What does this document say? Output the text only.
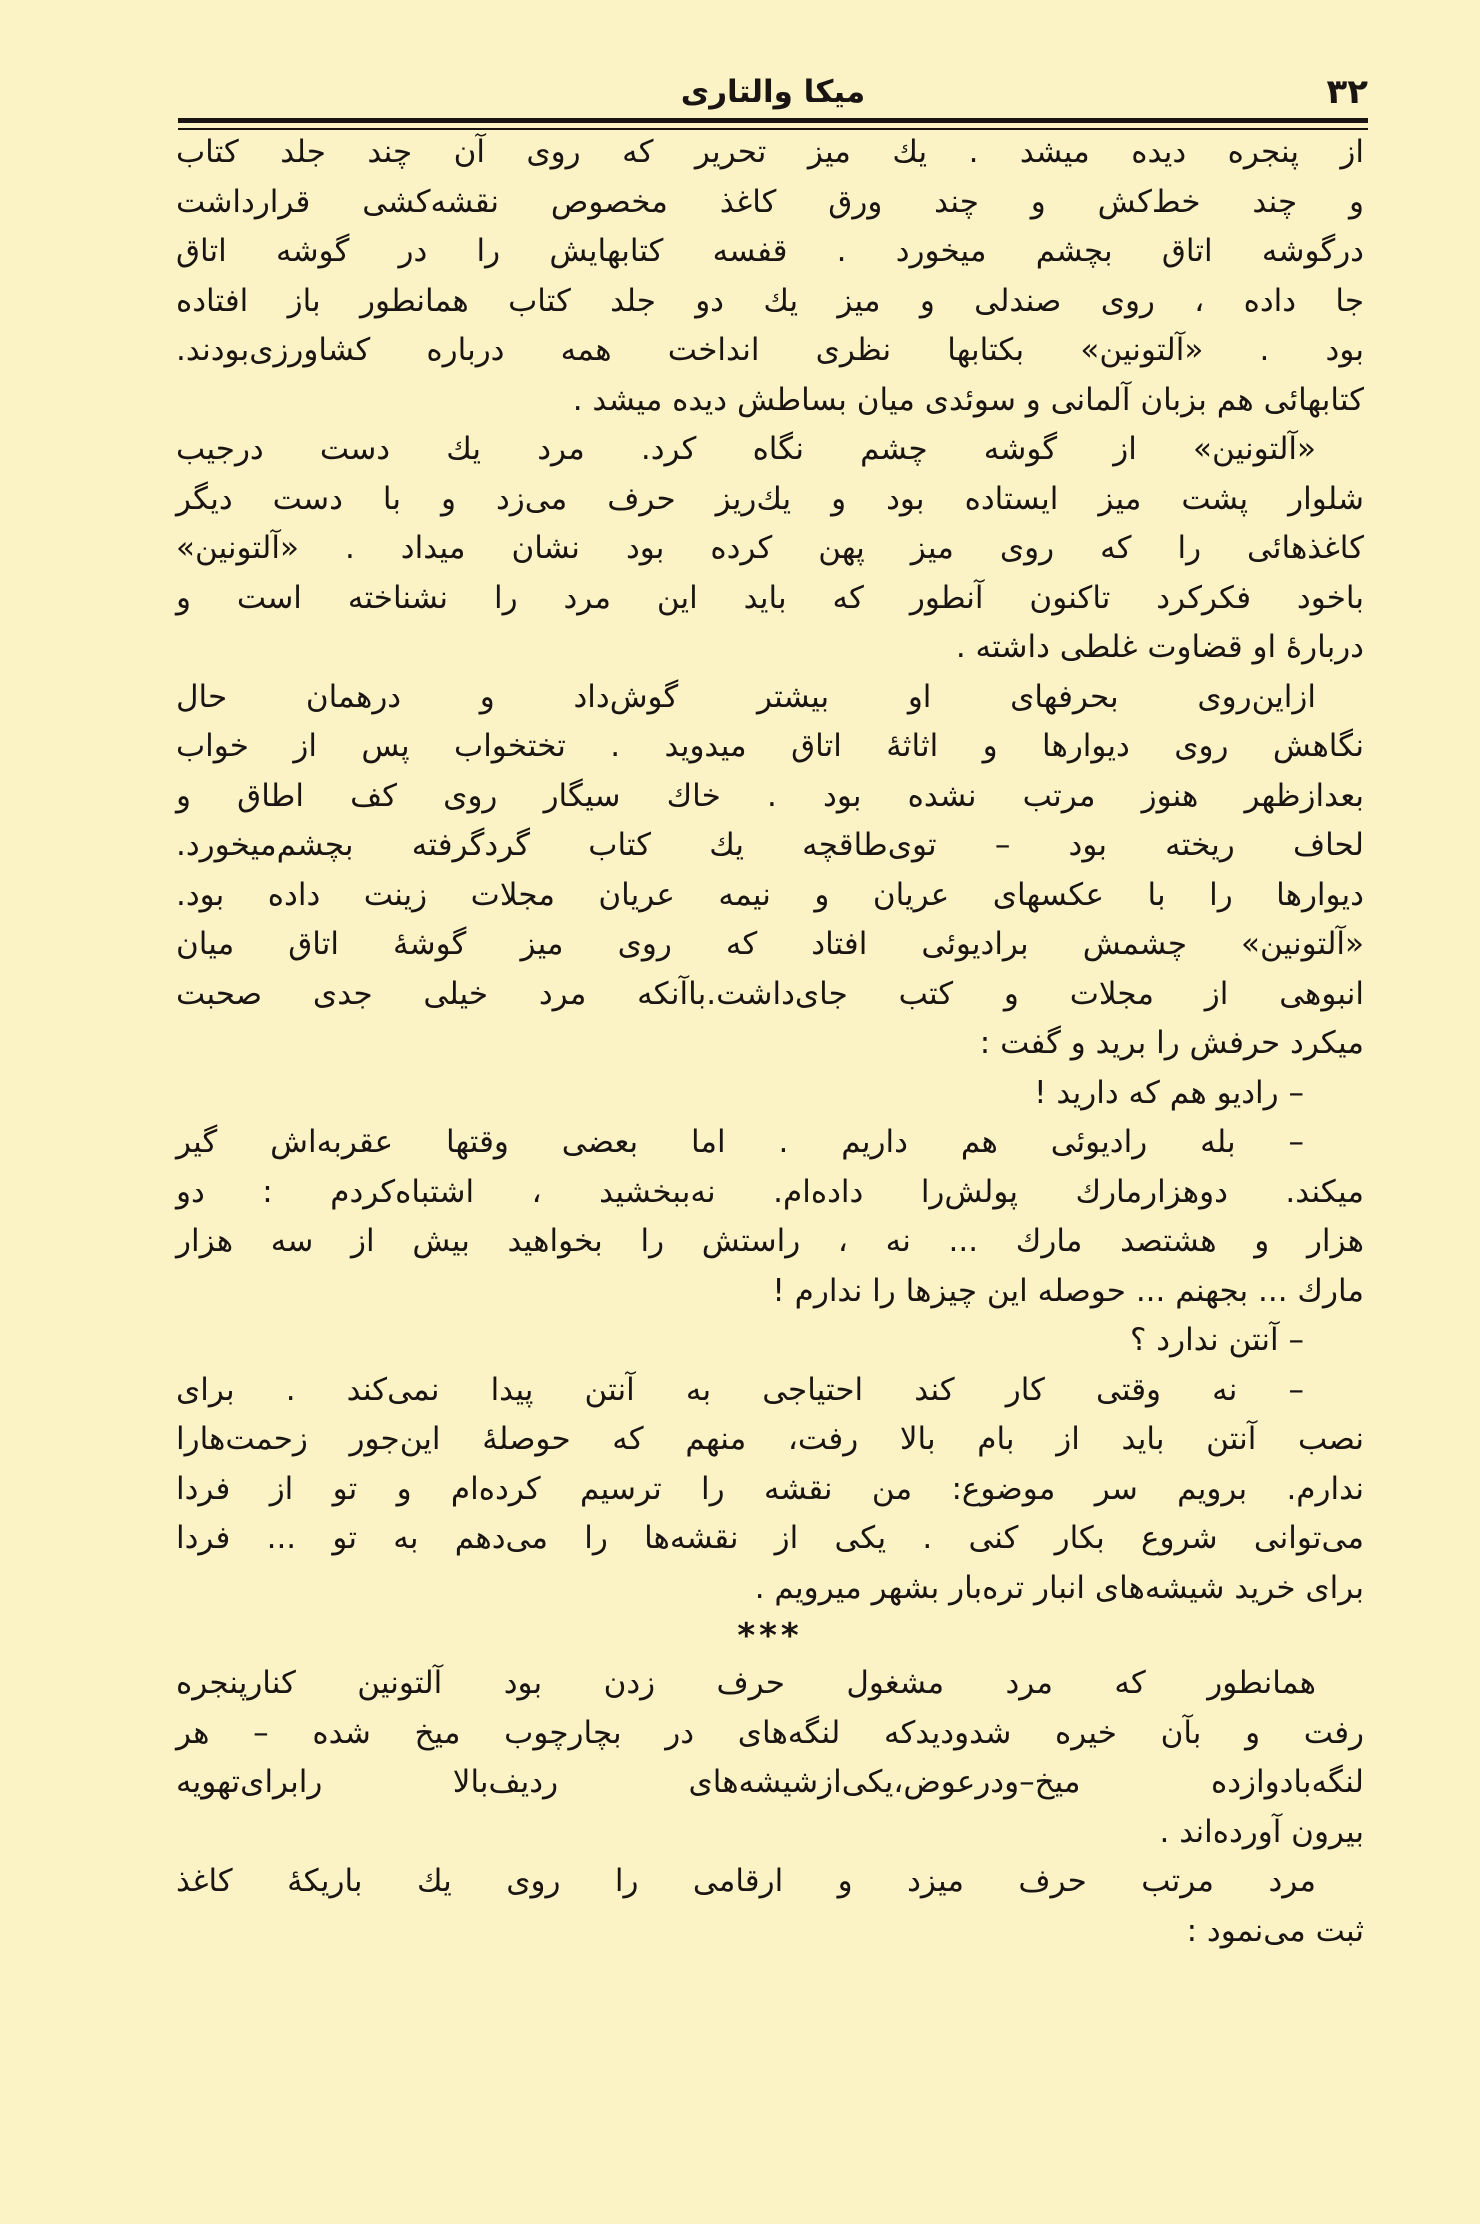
۳۲
میکا والتاری

از پنجره دیده میشد . یك میز تحریر که روی آن چند جلد کتاب
و چند خط‌کش و چند ورق کاغذ مخصوص نقشه‌کشی قرارداشت
درگوشه اتاق بچشم میخورد . قفسه کتابهایش را در گوشه اتاق
جا داده ، روی صندلی و میز یك دو جلد کتاب همانطور باز افتاده
بود . «آلتونین» بکتابها نظری انداخت همه درباره کشاورزی‌بودند.
کتابهائی هم بزبان آلمانی و سوئدی میان بساطش دیده میشد .

«آلتونین» از گوشه چشم نگاه کرد. مرد یك دست درجیب
شلوار پشت میز ایستاده بود و یك‌ریز حرف می‌زد و با دست دیگر
کاغذهائی را که روی میز پهن کرده بود نشان میداد . «آلتونین»
باخود فکرکرد تاکنون آنطور که باید این مرد را نشناخته است و
دربارهٔ او قضاوت غلطی داشته .

ازاین‌روی بحرفهای او بیشتر گوش‌داد و درهمان حال
نگاهش روی دیوارها و اثاثهٔ اتاق میدوید . تختخواب پس از خواب
بعدازظهر هنوز مرتب نشده بود . خاك سیگار روی کف اطاق و
لحاف ریخته بود – توی‌طاقچه یك کتاب گردگرفته بچشم‌میخورد.
دیوارها را با عکسهای عریان و نیمه عریان مجلات زینت داده بود.
«آلتونین» چشمش برادیوئی افتاد که روی میز گوشهٔ اتاق میان
انبوهی از مجلات و کتب جای‌داشت.باآنکه مرد خیلی جدی صحبت
میکرد حرفش را برید و گفت :

– رادیو هم که دارید !

– بله رادیوئی هم داریم . اما بعضی وقتها عقربه‌اش گیر
میکند. دوهزارمارك پولش‌را داده‌ام. نه‌ببخشید ، اشتباه‌کردم : دو
هزار و هشتصد مارك ... نه ، راستش را بخواهید بیش از سه هزار
مارك ... بجهنم ... حوصله این چیزها را ندارم !

– آنتن ندارد ؟

– نه وقتی کار کند احتیاجی به آنتن پیدا نمی‌کند . برای
نصب آنتن باید از بام بالا رفت، منهم که حوصلهٔ این‌جور زحمت‌هارا
ندارم. برویم سر موضوع: من نقشه را ترسیم کرده‌ام و تو از فردا
می‌توانی شروع بکار کنی . یکی از نقشه‌ها را می‌دهم به تو ... فردا
برای خرید شیشه‌های انبار تره‌بار بشهر میرویم .

***

همانطور که مرد مشغول حرف زدن بود آلتونین کنارپنجره
رفت و بآن خیره شدودیدکه لنگه‌های در بچارچوب میخ شده – هر
لنگه‌بادوازده میخ–ودرعوض،یکی‌ازشیشه‌های ردیف‌بالا رابرای‌تهویه
بیرون آورده‌اند .

مرد مرتب حرف میزد و ارقامی را روی یك باریکهٔ کاغذ
ثبت می‌نمود :
